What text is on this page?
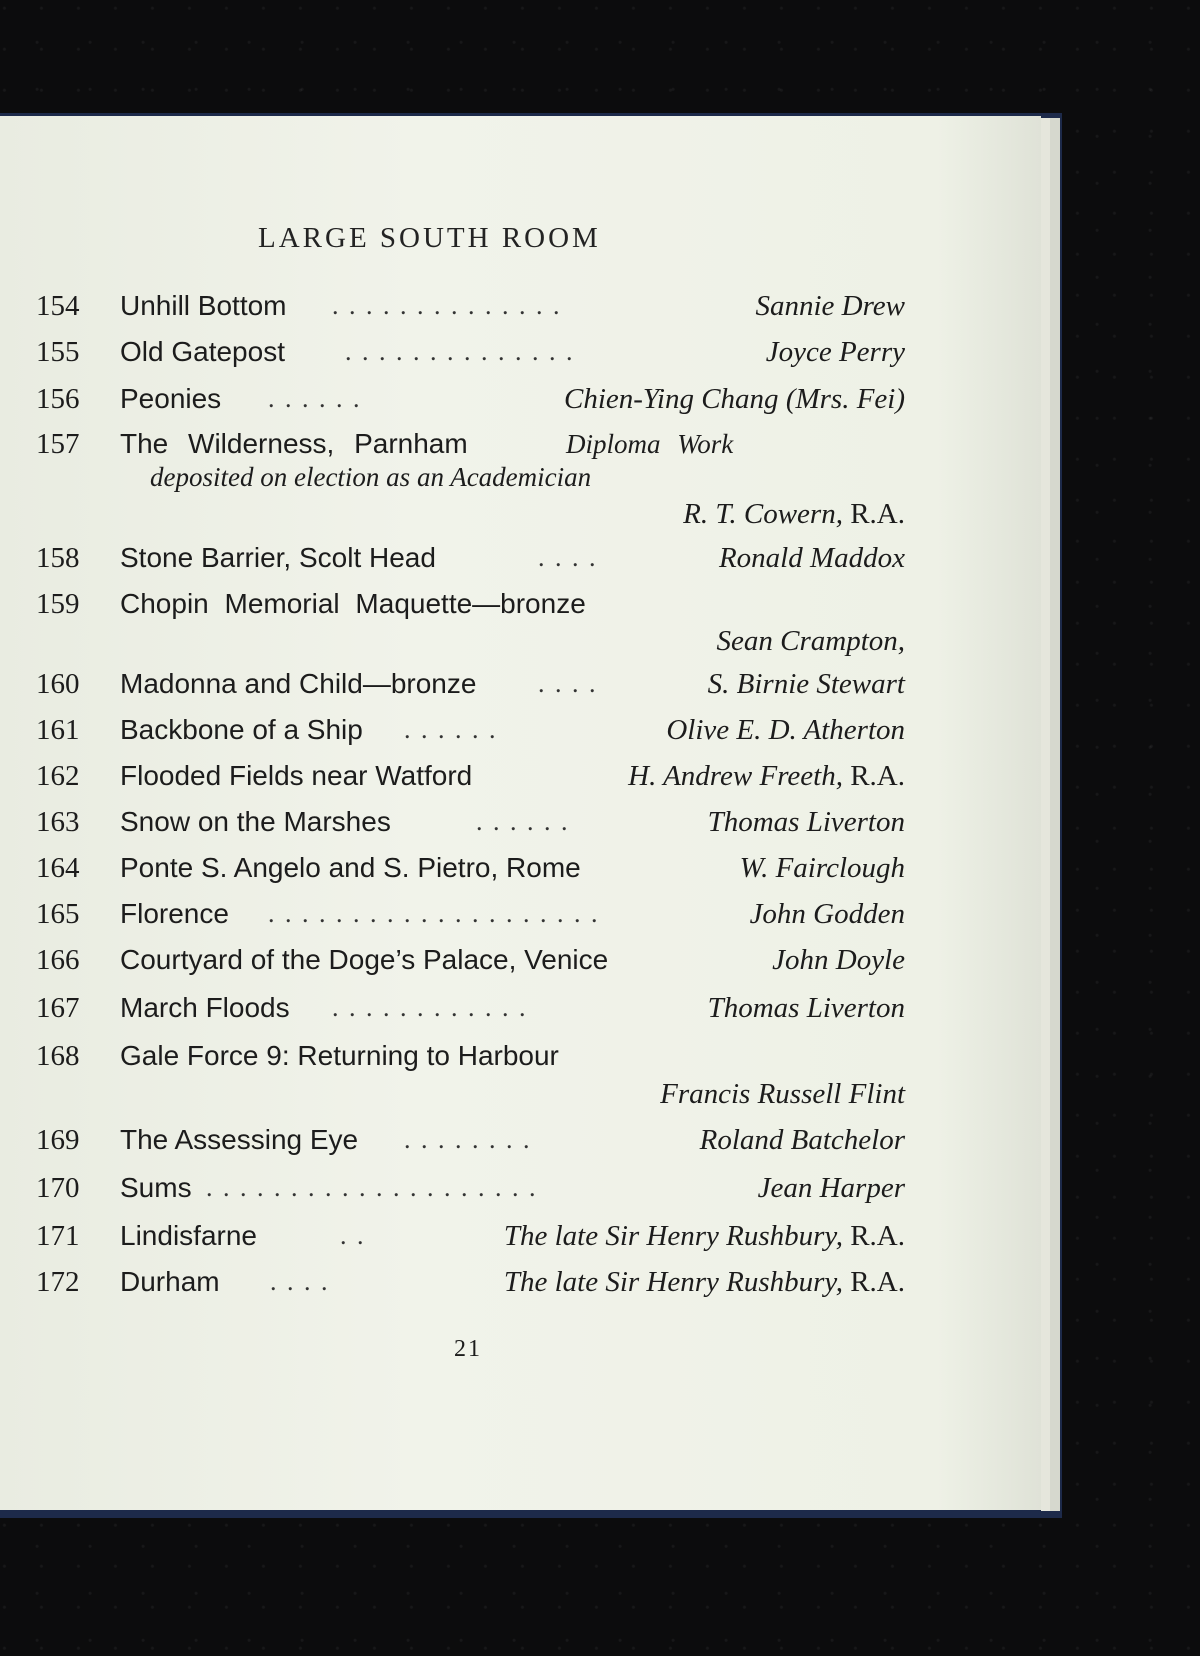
LARGE SOUTH ROOM
154	Unhill Bottom . . . . . . . . . . . . . .	Sannie Drew
155	Old Gatepost . . . . . . . . . . . . . .	Joyce Perry
156	Peonies . . . . . .	Chien-Ying Chang (Mrs. Fei)
157	The Wilderness, Parnham	Diploma Work
deposited on election as an Academician
R. T. Cowern, R.A.
158	Stone Barrier, Scolt Head	. . . .	Ronald Maddox
159	Chopin Memorial Maquette—bronze
Sean Crampton,
160	Madonna and Child—bronze . . . .	S. Birnie Stewart
161	Backbone of a Ship . . . . . .	Olive E. D. Atherton
162	Flooded Fields near Watford	H. Andrew Freeth, R.A.
163	Snow on the Marshes	. . . . . .	Thomas Liverton
164	Ponte S. Angelo and S. Pietro, Rome	W. Fairclough
165	Florence . . . . . . . . . . . . . . . . . . . .	John Godden
166	Courtyard of the Doge’s Palace, Venice	John Doyle
167	March Floods . . . . . . . . . . . .	Thomas Liverton
168	Gale Force 9: Returning to Harbour
Francis Russell Flint
169	The Assessing Eye . . . . . . . .	Roland Batchelor
170	Sums . . . . . . . . . . . . . . . . . . . .	Jean Harper
171	Lindisfarne	. .	The late Sir Henry Rushbury, R.A.
172	Durham . . . .	The late Sir Henry Rushbury, R.A.
21
